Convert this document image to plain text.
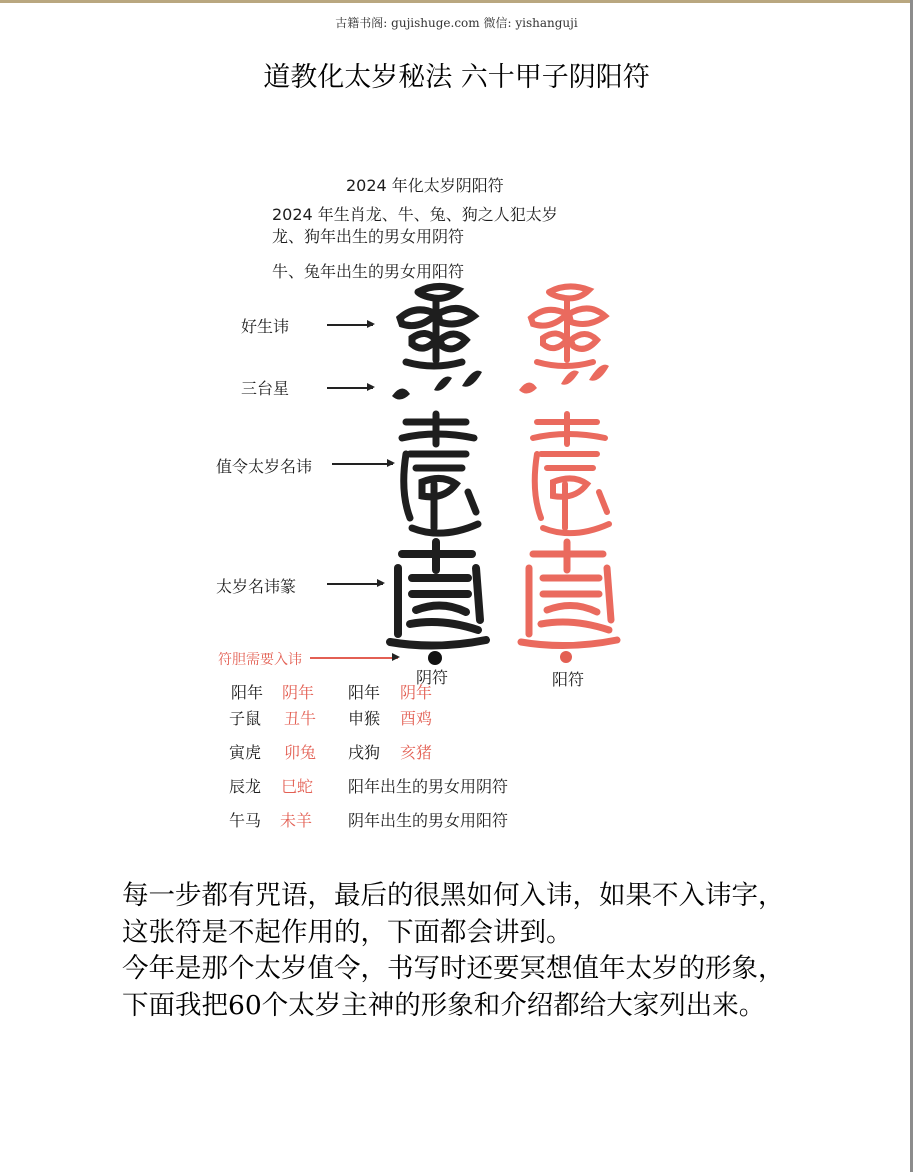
古籍书阁: gujishuge.com 微信: yishanguji
道教化太岁秘法 六十甲子阴阳符
2024 年化太岁阴阳符
2024 年生肖龙、牛、兔、狗之人犯太岁
龙、狗年出生的男女用阴符
牛、兔年出生的男女用阳符
好生讳
三台星
值令太岁名讳
太岁名讳篆
符胆需要入讳
阴符	阳符
阳年 阴年 阳年 阴年
子鼠 丑牛 申猴 酉鸡
寅虎 卯兔 戌狗 亥猪
辰龙 巳蛇 阳年出生的男女用阴符
午马 未羊 阴年出生的男女用阳符

每一步都有咒语，最后的很黑如何入讳，如果不入讳字，这张符是不起作用的，下面都会讲到。

今年是那个太岁值令，书写时还要冥想值年太岁的形象，下面我把60个太岁主神的形象和介绍都给大家列出来。
